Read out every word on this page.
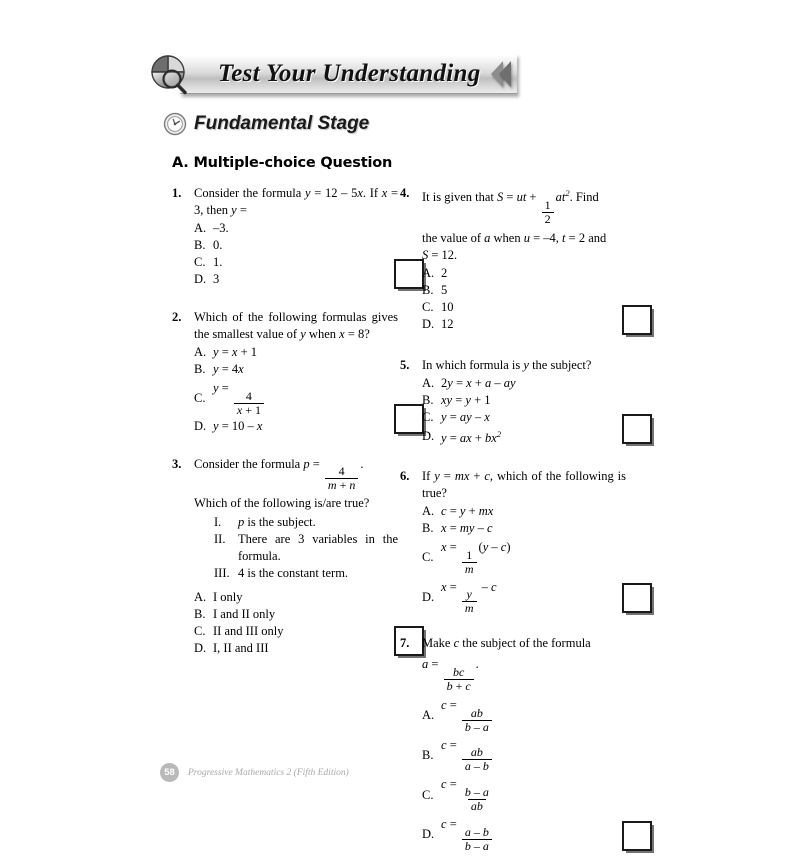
Test Your Understanding
Fundamental Stage
A. Multiple-choice Question
1.	Consider the formula y = 12 – 5x. If x = 3, then y =
A. –3.
B. 0.
C. 1.
D. 3
2.	Which of the following formulas gives the smallest value of y when x = 8?
A. y = x + 1
B. y = 4x
C.
y =
$\frac{4}{x + 1}$
D. y = 10 – x
3.	Consider the formula p =
$\frac{4}{m + n}$
.
Which of the following is/are true?
I.	p is the subject.
II.	There are 3 variables in the formula.
III. 4 is the constant term.
A. I only
B. I and II only
C. II and III only
D. I, II and III
4.	It is given that S = ut +
$\frac{1}{2}$
$at^2$. Find
the value of a when u = –4, t = 2 and
S = 12.
A. 2
B. 5
C. 10
D. 12
5.	In which formula is y the subject?
A. 2y = x + a – ay
B. xy = y + 1
C. y = ay – x
D. y = ax + $bx^2$
6.	If y = mx + c, which of the following is true?
A. c = y + mx
B. x = my – c
C.
x =
$\frac{1}{m}$
(y – c)
D.
x =
$\frac{y}{m}$
– c
7.	Make c the subject of the formula
a =
$\frac{bc}{b + c}$
.
A.
c =
$\frac{ab}{b - a}$
B.
c =
$\frac{ab}{a - b}$
C.
c =
$\frac{b - a}{ab}$
D.
c =
$\frac{a - b}{b - a}$
58	Progressive Mathematics 2 (Fifth Edition)
